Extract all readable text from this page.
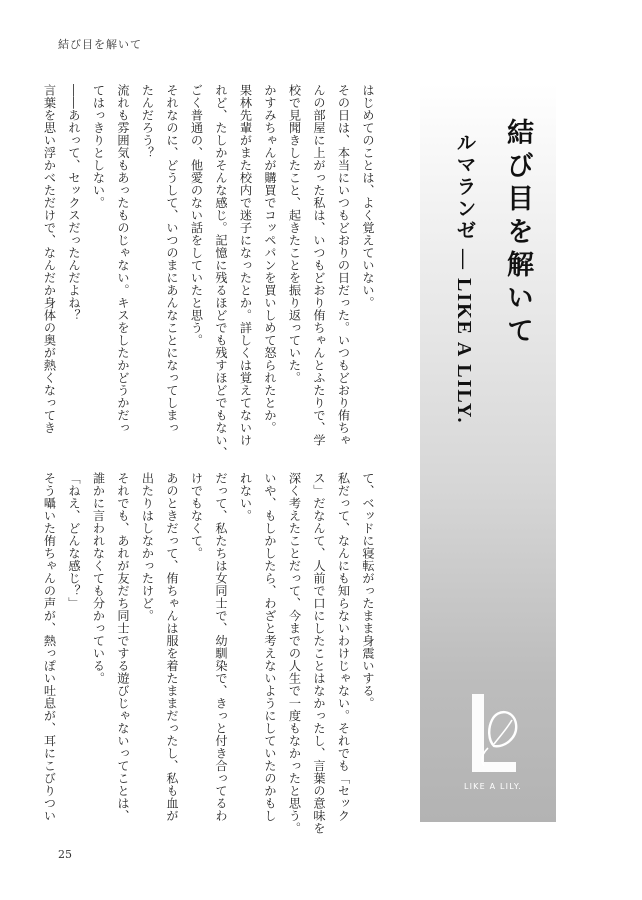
結び目を解いて

はじめてのことは、よく覚えていない。

その日は、本当にいつもどおりの日だった。いつもどおり侑ちゃ

んの部屋に上がった私は、いつもどおり侑ちゃんとふたりで、学

校で見聞きしたこと、起きたことを振り返っていた。

かすみちゃんが購買でコッペパンを買いしめて怒られたとか。

果林先輩がまた校内で迷子になったとか。詳しくは覚えてないけ

れど、たしかそんな感じ。記憶に残るほどでも残すほどでもない、

ごく普通の、他愛のない話をしていたと思う。

それなのに、どうして、いつのまにあんなことになってしまっ

たんだろう？

流れも雰囲気もあったものじゃない。キスをしたかどうかだっ

てはっきりとしない。

――あれって、セックスだったんだよね？

言葉を思い浮かべただけで、なんだか身体の奥が熱くなってき

て、ベッドに寝転がったまま身震いする。

私だって、なんにも知らないわけじゃない。それでも「セック

ス」だなんて、人前で口にしたことはなかったし、言葉の意味を

深く考えたことだって、今までの人生で一度もなかったと思う。

いや、もしかしたら、わざと考えないようにしていたのかもし

れない。

だって、私たちは女同士で、幼馴染で、きっと付き合ってるわ

けでもなくて。

あのときだって、侑ちゃんは服を着たままだったし、私も血が

出たりはしなかったけど。

それでも、あれが友だち同士でする遊びじゃないってことは、

誰かに言われなくても分かっている。

「ねえ、どんな感じ？」

そう囁いた侑ちゃんの声が、熱っぽい吐息が、耳にこびりつい

結び目を解いて
ルマランゼ — LIKE A LILY.
LIKE A LILY.
25
